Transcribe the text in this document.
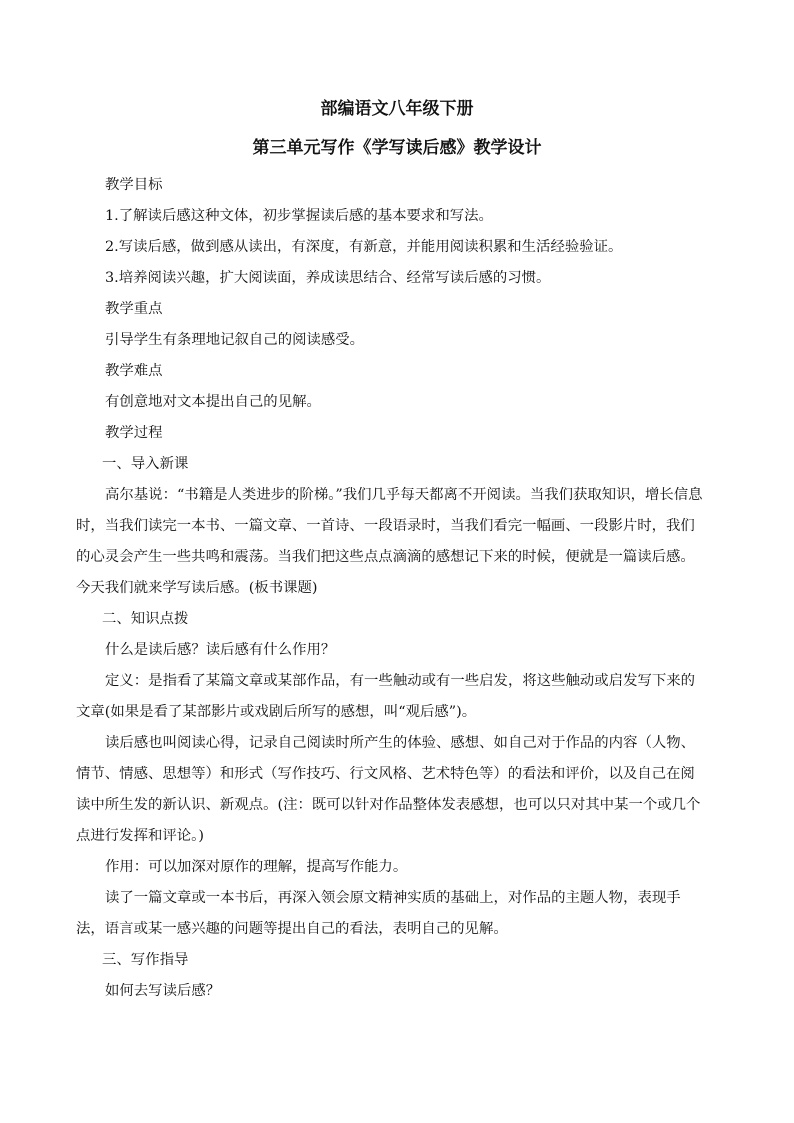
部编语文八年级下册
第三单元写作《学写读后感》教学设计

教学目标

1.了解读后感这种文体，初步掌握读后感的基本要求和写法。

2.写读后感，做到感从读出，有深度，有新意，并能用阅读积累和生活经验验证。

3.培养阅读兴趣，扩大阅读面，养成读思结合、经常写读后感的习惯。

教学重点

引导学生有条理地记叙自己的阅读感受。

教学难点

有创意地对文本提出自己的见解。

教学过程

一、导入新课

高尔基说：“书籍是人类进步的阶梯。”我们几乎每天都离不开阅读。当我们获取知识，增长信息时，当我们读完一本书、一篇文章、一首诗、一段语录时，当我们看完一幅画、一段影片时，我们的心灵会产生一些共鸣和震荡。当我们把这些点点滴滴的感想记下来的时候，便就是一篇读后感。今天我们就来学写读后感。(板书课题)

二、知识点拨

什么是读后感？读后感有什么作用？

定义：是指看了某篇文章或某部作品，有一些触动或有一些启发，将这些触动或启发写下来的文章(如果是看了某部影片或戏剧后所写的感想，叫“观后感”)。

读后感也叫阅读心得，记录自己阅读时所产生的体验、感想、如自己对于作品的内容（人物、情节、情感、思想等）和形式（写作技巧、行文风格、艺术特色等）的看法和评价，以及自己在阅读中所生发的新认识、新观点。(注：既可以针对作品整体发表感想，也可以只对其中某一个或几个点进行发挥和评论。)

作用：可以加深对原作的理解，提高写作能力。

读了一篇文章或一本书后，再深入领会原文精神实质的基础上，对作品的主题人物，表现手法，语言或某一感兴趣的问题等提出自己的看法，表明自己的见解。

三、写作指导

如何去写读后感？
